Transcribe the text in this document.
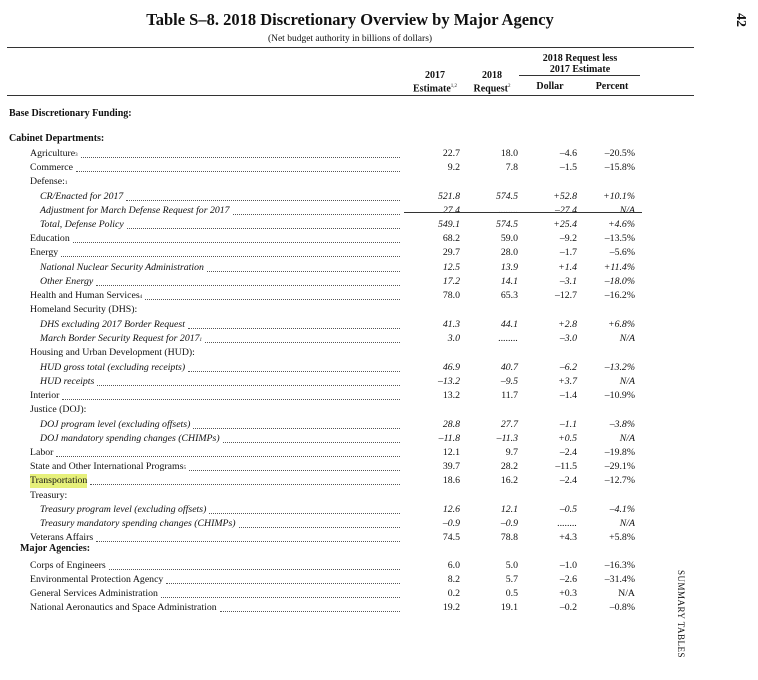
Table S–8. 2018 Discretionary Overview by Major Agency
(Net budget authority in billions of dollars)
2017
Estimate$^{1,2}$
2018
Request$^2$
2018 Request less
2017 Estimate
Dollar	Percent
Base Discretionary Funding:
Cabinet Departments:
Major Agencies:
Agriculture$_3$	22.7	18.0	–4.6	–20.5%
Commerce	9.2	7.8	–1.5	–15.8%
$Defense:_1$
CR/Enacted for 2017	521.8	574.5	+52.8	+10.1%
Adjustment for March Defense Request for 2017	27.4	........	–27.4	N/A
Total, Defense Policy	549.1	574.5	+25.4	+4.6%
Education	68.2	59.0	–9.2	–13.5%
Energy	29.7	28.0	–1.7	–5.6%
National Nuclear Security Administration	12.5	13.9	+1.4	+11.4%
Other Energy	17.2	14.1	–3.1	–18.0%
Health and Human Services$_4$	78.0	65.3	–12.7	–16.2%
Homeland Security (DHS):
DHS excluding 2017 Border Request	41.3	44.1	+2.8	+6.8%
March Border Security Request for $2017_1$	3.0	........	–3.0	N/A
Housing and Urban Development (HUD):
HUD gross total (excluding receipts)	46.9	40.7	–6.2	–13.2%
HUD receipts	–13.2	–9.5	+3.7	N/A
Interior	13.2	11.7	–1.4	–10.9%
Justice (DOJ):
DOJ program level (excluding offsets)	28.8	27.7	–1.1	–3.8%
DOJ mandatory spending changes (CHIMPs)	–11.8	–11.3	+0.5	N/A
Labor	12.1	9.7	–2.4	–19.8%
State and Other International Programs$_5$	39.7	28.2	–11.5	–29.1%
Transportation	18.6	16.2	–2.4	–12.7%
Treasury:
Treasury program level (excluding offsets)	12.6	12.1	–0.5	–4.1%
Treasury mandatory spending changes (CHIMPs)	–0.9	–0.9	........	N/A
Veterans Affairs	74.5	78.8	+4.3	+5.8%
Corps of Engineers	6.0	5.0	–1.0	–16.3%
Environmental Protection Agency	8.2	5.7	–2.6	–31.4%
General Services Administration	0.2	0.5	+0.3	N/A
National Aeronautics and Space Administration	19.2	19.1	–0.2	–0.8%
42
SUMMARY TABLES
